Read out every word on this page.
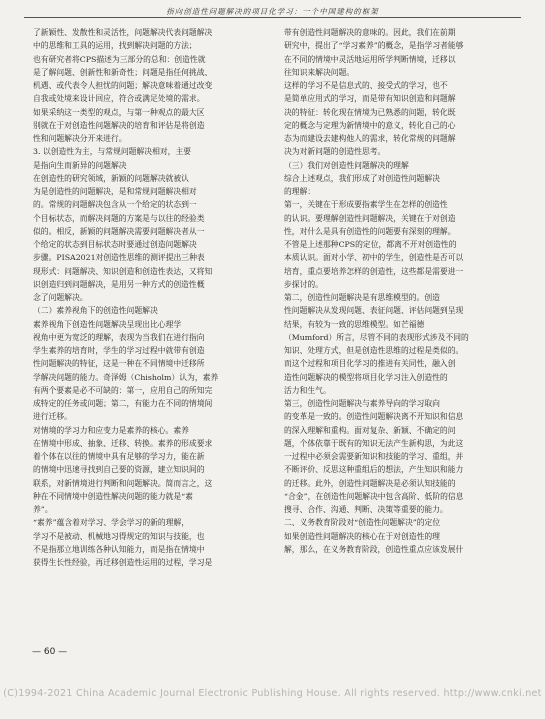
指向创造性问题解决的项目化学习：一个中国建构的框架
了新颖性、发散性和灵活性，问题解决代表问题解决
中的思维和工具的运用，找到解决问题的方法；
也有研究者将CPS描述为三部分的总和：创造性就
是了解问题、创新性和新奇性；问题是指任何挑战、
机遇、或代表令人担忧的问题；解决意味着通过改变
自我或处境来设计回应，符合或满足处境的需求。
如果采纳这一类型的观点，与第一种观点的最大区
别就在于对创造性问题解决的培育和评估是将创造
性和问题解决分开来进行。
3. 以创造性为主，与常规问题解决相对，主要
是指向生而新异的问题解决
在创造性的研究领域，新颖的问题解决就被认
为是创造性的问题解决，是和常规问题解决相对
的。常规的问题解决包含从一个给定的状态到一
个目标状态，而解决问题的方案是与以往的经验类
似的。相反，新颖的问题解决需要问题解决者从一
个给定的状态到目标状态时要通过创造问题解决
步骤。PISA2021对创造性思维的测评提出三种表
现形式：问题解决、知识创造和创造性表达，又将知
识创造归到问题解决，是用另一种方式的创造性概
念了问题解决。
（二）素养视角下的创造性问题解决
素养视角下创造性问题解决呈现出比心理学
视角中更为宽泛的理解，表现为当我们在进行指向
学生素养的培育时，学生的学习过程中就带有创造
性问题解决的特征，这是一种在不同情境中迁移所
学解决问题的能力。奇泽姆（Chisholm）认为，素养
有两个要素是必不可缺的：第一，应用自己的所知完
成特定的任务或问题；第二，有能力在不同的情境间
进行迁移。
对情境的学习力和应变力是素养的核心。素养
在情境中形成、抽象、迁移、转换。素养的形成要求
着个体在以往的情境中具有足够的学习力，能在新
的情境中迅速寻找到自己要的资源，建立知识间的
联系，对新情境进行判断和问题解决。简而言之，这
种在不同情境中创造性解决问题的能力就是“素
养”。
“素养”蕴含着对学习、学会学习的新的理解，
学习不是被动、机械地习得规定的知识与技能，也
不是指那立地训练各种认知能力，而是指在情境中
获得生长性经验，再迁移创造性运用的过程，学习是
带有创造性问题解决的意味的。因此，我们在前期
研究中，提出了“学习素养”的概念，是指学习者能够
在不同的情境中灵活地运用所学判断情境，迁移以
往知识来解决问题。
这样的学习不是信息式的、接受式的学习，也不
是简单应用式的学习，而是带有知识创造和问题解
决的特征：转化现在情境为已熟悉的问题，转化既
定的概念与定理为新情境中的意义，转化自己的心
态为而建设去建构他人的需求，转化常规的问题解
决为对新问题的创造性思考。
（三）我们对创造性问题解决的理解
综合上述观点，我们形成了对创造性问题解决
的理解：
第一，关键在于形成要指素学生在怎样的创造性
的认识。要理解创造性问题解决，关键在于对创造
性，对什么是具有创造性的问题要有深刻的理解。
不管是上述那种CPS的定位，都离不开对创造性的
本质认识。面对小学、初中的学生，创造性是否可以
培育，重点要培养怎样的创造性，这些都是需要进一
步探讨的。
第二，创造性问题解决是有思维模型的。创造
性问题解决从发现问题、表征问题、评估问题到呈现
结果，有较为一致的思维模型。如芒福德
（Mumford）所言，尽管不同的表现形式涉及不同的
知识、处理方式，但是创造性思维的过程是类似的。
而这个过程和项目化学习的推进有关同性，融入创
造性问题解决的模型将项目化学习注入创造性的
活力和生气。
第三，创造性问题解决与素养导向的学习取向
的变革是一致的。创造性问题解决离不开知识和信息
的深入理解和重构。面对复杂、新颖、不确定的问
题，个体依靠于既有的知识无法产生新构思，为此这
一过程中必须会需要新知识和技能的学习、重组，并
不断评价、反思这种重组后的想法，产生知识和能力
的迁移。此外，创造性问题解决是必须认知技能的
“合金”，在创造性问题解决中包含高阶、低阶的信息
搜寻、合作、沟通、判断、决策等重要的能力。
二、义务教育阶段对“创造性问题解决”的定位
如果创造性问题解决的核心在于对创造性的理
解，那么，在义务教育阶段，创造性重点应该发展什
— 60 —
(C)1994-2021 China Academic Journal Electronic Publishing House. All rights reserved. http://www.cnki.net
